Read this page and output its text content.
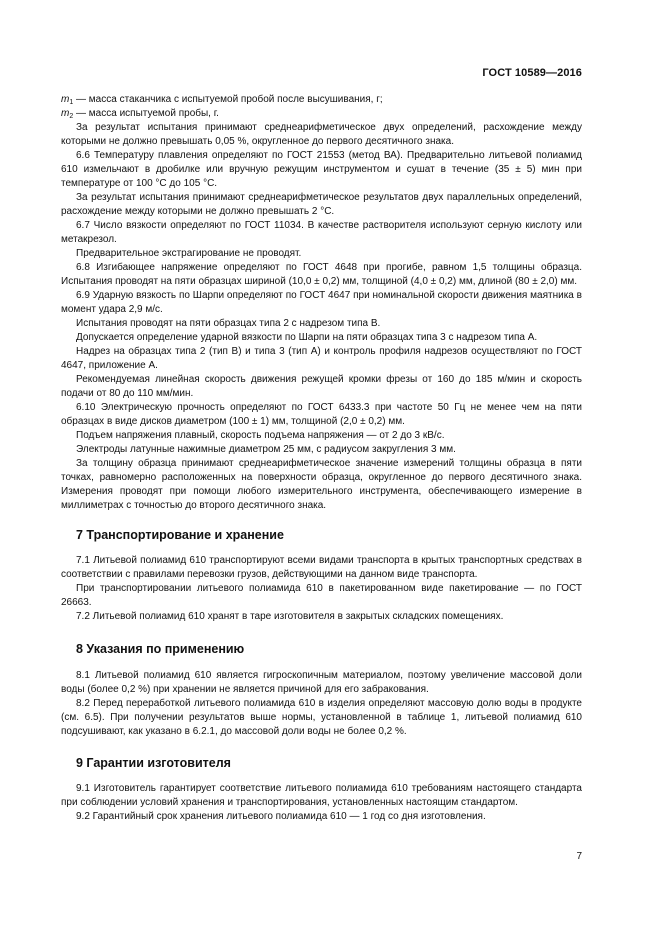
ГОСТ 10589—2016

$m_1$ — масса стаканчика с испытуемой пробой после высушивания, г;

$m_2$ — масса испытуемой пробы, г.

За результат испытания принимают среднеарифметическое двух определений, расхождение между которыми не должно превышать 0,05 %, округленное до первого десятичного знака.

6.6 Температуру плавления определяют по ГОСТ 21553 (метод ВА). Предварительно литьевой полиамид 610 измельчают в дробилке или вручную режущим инструментом и сушат в течение (35 ± 5) мин при температуре от 100 °С до 105 °С.

За результат испытания принимают среднеарифметическое результатов двух параллельных определений, расхождение между которыми не должно превышать 2 °С.

6.7 Число вязкости определяют по ГОСТ 11034. В качестве растворителя используют серную кислоту или метакрезол.

Предварительное экстрагирование не проводят.

6.8 Изгибающее напряжение определяют по ГОСТ 4648 при прогибе, равном 1,5 толщины образца. Испытания проводят на пяти образцах шириной (10,0 ± 0,2) мм, толщиной (4,0 ± 0,2) мм, длиной (80 ± 2,0) мм.

6.9 Ударную вязкость по Шарпи определяют по ГОСТ 4647 при номинальной скорости движения маятника в момент удара 2,9 м/с.

Испытания проводят на пяти образцах типа 2 с надрезом типа В.

Допускается определение ударной вязкости по Шарпи на пяти образцах типа 3 с надрезом типа А.

Надрез на образцах типа 2 (тип В) и типа 3 (тип А) и контроль профиля надрезов осуществляют по ГОСТ 4647, приложение А.

Рекомендуемая линейная скорость движения режущей кромки фрезы от 160 до 185 м/мин и скорость подачи от 80 до 110 мм/мин.

6.10 Электрическую прочность определяют по ГОСТ 6433.3 при частоте 50 Гц не менее чем на пяти образцах в виде дисков диаметром (100 ± 1) мм, толщиной (2,0 ± 0,2) мм.

Подъем напряжения плавный, скорость подъема напряжения — от 2 до 3 кВ/с.

Электроды латунные нажимные диаметром 25 мм, с радиусом закругления 3 мм.

За толщину образца принимают среднеарифметическое значение измерений толщины образца в пяти точках, равномерно расположенных на поверхности образца, округленное до первого десятичного знака. Измерения проводят при помощи любого измерительного инструмента, обеспечивающего измерение в миллиметрах с точностью до второго десятичного знака.

7 Транспортирование и хранение

7.1 Литьевой полиамид 610 транспортируют всеми видами транспорта в крытых транспортных средствах в соответствии с правилами перевозки грузов, действующими на данном виде транспорта.

При транспортировании литьевого полиамида 610 в пакетированном виде пакетирование — по ГОСТ 26663.

7.2 Литьевой полиамид 610 хранят в таре изготовителя в закрытых складских помещениях.

8 Указания по применению

8.1 Литьевой полиамид 610 является гигроскопичным материалом, поэтому увеличение массовой доли воды (более 0,2 %) при хранении не является причиной для его забракования.

8.2 Перед переработкой литьевого полиамида 610 в изделия определяют массовую долю воды в продукте (см. 6.5). При получении результатов выше нормы, установленной в таблице 1, литьевой полиамид 610 подсушивают, как указано в 6.2.1, до массовой доли воды не более 0,2 %.

9 Гарантии изготовителя

9.1 Изготовитель гарантирует соответствие литьевого полиамида 610 требованиям настоящего стандарта при соблюдении условий хранения и транспортирования, установленных настоящим стандартом.

9.2 Гарантийный срок хранения литьевого полиамида 610 — 1 год со дня изготовления.

7
